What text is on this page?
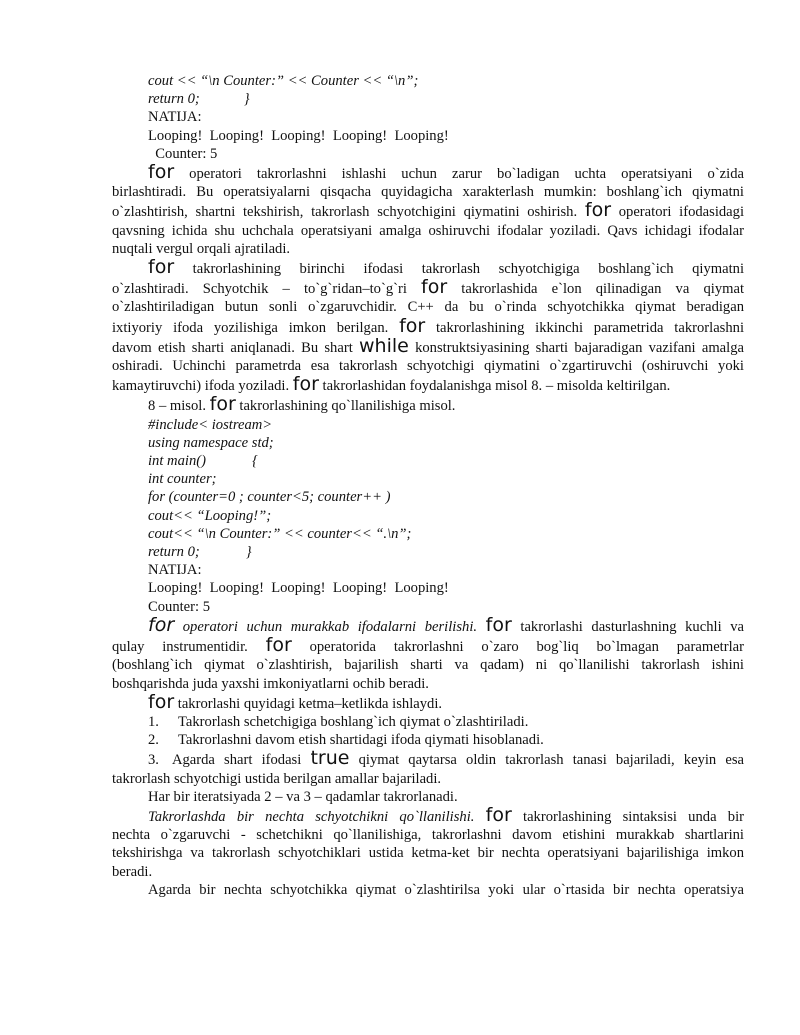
cout << “\n Counter:” << Counter << “\n”;
return 0;	}
NATIJA:
Looping!  Looping!  Looping!  Looping!  Looping!
Counter: 5

for operatori takrorlashni ishlashi uchun zarur bo`ladigan uchta operatsiyani o`zida

birlashtiradi. Bu operatsiyalarni qisqacha quyidagicha xarakterlash mumkin: boshlang`ich qiymatni

o`zlashtirish, shartni tekshirish, takrorlash schyotchigini qiymatini oshirish. for operatori ifodasidagi

qavsning ichida shu uchchala operatsiyani amalga oshiruvchi ifodalar yoziladi. Qavs ichidagi ifodalar

nuqtali vergul orqali ajratiladi.

for takrorlashining birinchi ifodasi takrorlash schyotchigiga boshlang`ich qiymatni

o`zlashtiradi. Schyotchik – to`g`ridan–to`g`ri for takrorlashida e`lon qilinadigan va qiymat

o`zlashtiriladigan butun sonli o`zgaruvchidir. C++ da bu o`rinda schyotchikka qiymat beradigan

ixtiyoriy ifoda yozilishiga imkon berilgan. for takrorlashining ikkinchi parametrida takrorlashni

davom etish sharti aniqlanadi. Bu shart while konstruktsiyasining sharti bajaradigan vazifani amalga

oshiradi. Uchinchi parametrda esa takrorlash schyotchigi qiymatini o`zgartiruvchi (oshiruvchi yoki

kamaytiruvchi) ifoda yoziladi. for takrorlashidan foydalanishga misol 8. – misolda keltirilgan.

8 – misol. for takrorlashining qo`llanilishiga misol.
#include< iostream>
using namespace std;
int main()	{
int counter;
for (counter=0 ; counter<5; counter++ )
cout<< “Looping!”;
cout<< “\n Counter:” << counter<< “.\n”;
return 0;	}
NATIJA:
Looping!  Looping!  Looping!  Looping!  Looping!
Counter: 5

for operatori uchun murakkab ifodalarni berilishi. for takrorlashi dasturlashning kuchli va

qulay instrumentidir. for operatorida takrorlashni o`zaro bog`liq bo`lmagan parametrlar

(boshlang`ich qiymat o`zlashtirish, bajarilish sharti va qadam) ni qo`llanilishi takrorlash ishini

boshqarishda juda yaxshi imkoniyatlarni ochib beradi.

for takrorlashi quyidagi ketma–ketlikda ishlaydi.

1.	Takrorlash schetchigiga boshlang`ich qiymat o`zlashtiriladi.
2.	Takrorlashni davom etish shartidagi ifoda qiymati hisoblanadi.

3. Agarda shart ifodasi true qiymat qaytarsa oldin takrorlash tanasi bajariladi, keyin esa

takrorlash schyotchigi ustida berilgan amallar bajariladi.

Har bir iteratsiyada 2 – va 3 – qadamlar takrorlanadi.

Takrorlashda bir nechta schyotchikni qo`llanilishi. for takrorlashining sintaksisi unda bir

nechta o`zgaruvchi - schetchikni qo`llanilishiga, takrorlashni davom etishini murakkab shartlarini

tekshirishga va takrorlash schyotchiklari ustida ketma-ket bir nechta operatsiyani bajarilishiga imkon

beradi.

Agarda bir nechta schyotchikka qiymat o`zlashtirilsa yoki ular o`rtasida bir nechta operatsiya
